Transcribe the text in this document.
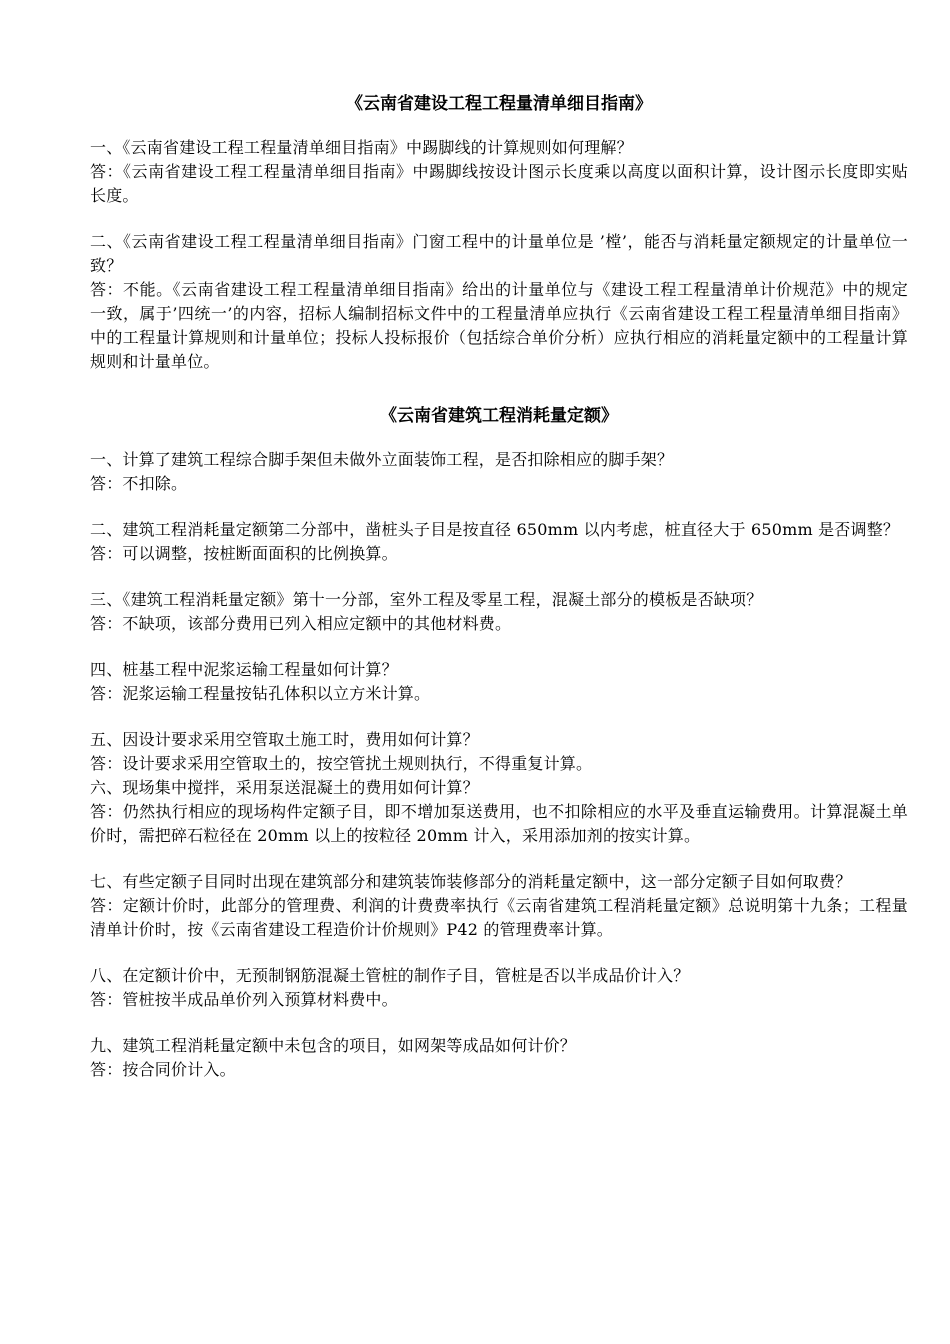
《云南省建设工程工程量清单细目指南》

一、《云南省建设工程工程量清单细目指南》中踢脚线的计算规则如何理解？

答：《云南省建设工程工程量清单细目指南》中踢脚线按设计图示长度乘以高度以面积计算，设计图示长度即实贴长度。

二、《云南省建设工程工程量清单细目指南》门窗工程中的计量单位是 ’樘’，能否与消耗量定额规定的计量单位一致？

答：不能。《云南省建设工程工程量清单细目指南》给出的计量单位与《建设工程工程量清单计价规范》中的规定一致，属于’四统一’的内容，招标人编制招标文件中的工程量清单应执行《云南省建设工程工程量清单细目指南》中的工程量计算规则和计量单位；投标人投标报价（包括综合单价分析）应执行相应的消耗量定额中的工程量计算规则和计量单位。

《云南省建筑工程消耗量定额》

一、计算了建筑工程综合脚手架但未做外立面装饰工程，是否扣除相应的脚手架？

答：不扣除。

二、建筑工程消耗量定额第二分部中，凿桩头子目是按直径 650mm 以内考虑，桩直径大于 650mm 是否调整？

答：可以调整，按桩断面面积的比例换算。

三、《建筑工程消耗量定额》第十一分部，室外工程及零星工程，混凝土部分的模板是否缺项？

答：不缺项，该部分费用已列入相应定额中的其他材料费。

四、桩基工程中泥浆运输工程量如何计算？

答：泥浆运输工程量按钻孔体积以立方米计算。

五、因设计要求采用空管取土施工时，费用如何计算？

答：设计要求采用空管取土的，按空管扰土规则执行，不得重复计算。

六、现场集中搅拌，采用泵送混凝土的费用如何计算？

答：仍然执行相应的现场构件定额子目，即不增加泵送费用，也不扣除相应的水平及垂直运输费用。计算混凝土单价时，需把碎石粒径在 20mm 以上的按粒径 20mm 计入，采用添加剂的按实计算。

七、有些定额子目同时出现在建筑部分和建筑装饰装修部分的消耗量定额中，这一部分定额子目如何取费？

答：定额计价时，此部分的管理费、利润的计费费率执行《云南省建筑工程消耗量定额》总说明第十九条；工程量清单计价时，按《云南省建设工程造价计价规则》P42 的管理费率计算。

八、在定额计价中，无预制钢筋混凝土管桩的制作子目，管桩是否以半成品价计入？

答：管桩按半成品单价列入预算材料费中。

九、建筑工程消耗量定额中未包含的项目，如网架等成品如何计价？

答：按合同价计入。
